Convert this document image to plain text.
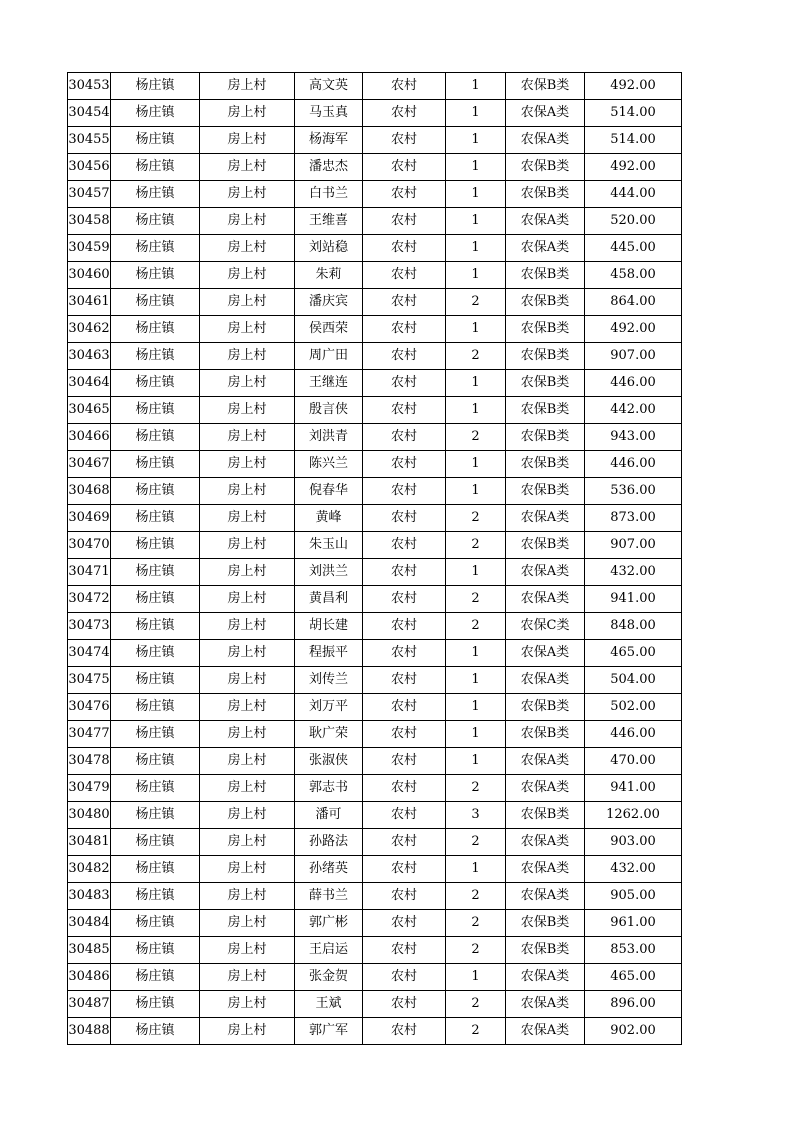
30453	杨庄镇	房上村	高文英	农村	1	农保B类	492.00
30454	杨庄镇	房上村	马玉真	农村	1	农保A类	514.00
30455	杨庄镇	房上村	杨海军	农村	1	农保A类	514.00
30456	杨庄镇	房上村	潘忠杰	农村	1	农保B类	492.00
30457	杨庄镇	房上村	白书兰	农村	1	农保B类	444.00
30458	杨庄镇	房上村	王维喜	农村	1	农保A类	520.00
30459	杨庄镇	房上村	刘站稳	农村	1	农保A类	445.00
30460	杨庄镇	房上村	朱莉	农村	1	农保B类	458.00
30461	杨庄镇	房上村	潘庆宾	农村	2	农保B类	864.00
30462	杨庄镇	房上村	侯西荣	农村	1	农保B类	492.00
30463	杨庄镇	房上村	周广田	农村	2	农保B类	907.00
30464	杨庄镇	房上村	王继连	农村	1	农保B类	446.00
30465	杨庄镇	房上村	殷言侠	农村	1	农保B类	442.00
30466	杨庄镇	房上村	刘洪青	农村	2	农保B类	943.00
30467	杨庄镇	房上村	陈兴兰	农村	1	农保B类	446.00
30468	杨庄镇	房上村	倪春华	农村	1	农保B类	536.00
30469	杨庄镇	房上村	黄峰	农村	2	农保A类	873.00
30470	杨庄镇	房上村	朱玉山	农村	2	农保B类	907.00
30471	杨庄镇	房上村	刘洪兰	农村	1	农保A类	432.00
30472	杨庄镇	房上村	黄昌利	农村	2	农保A类	941.00
30473	杨庄镇	房上村	胡长建	农村	2	农保C类	848.00
30474	杨庄镇	房上村	程振平	农村	1	农保A类	465.00
30475	杨庄镇	房上村	刘传兰	农村	1	农保A类	504.00
30476	杨庄镇	房上村	刘万平	农村	1	农保B类	502.00
30477	杨庄镇	房上村	耿广荣	农村	1	农保B类	446.00
30478	杨庄镇	房上村	张淑侠	农村	1	农保A类	470.00
30479	杨庄镇	房上村	郭志书	农村	2	农保A类	941.00
30480	杨庄镇	房上村	潘可	农村	3	农保B类	1262.00
30481	杨庄镇	房上村	孙路法	农村	2	农保A类	903.00
30482	杨庄镇	房上村	孙绪英	农村	1	农保A类	432.00
30483	杨庄镇	房上村	薛书兰	农村	2	农保A类	905.00
30484	杨庄镇	房上村	郭广彬	农村	2	农保B类	961.00
30485	杨庄镇	房上村	王启运	农村	2	农保B类	853.00
30486	杨庄镇	房上村	张金贺	农村	1	农保A类	465.00
30487	杨庄镇	房上村	王斌	农村	2	农保A类	896.00
30488	杨庄镇	房上村	郭广军	农村	2	农保A类	902.00
